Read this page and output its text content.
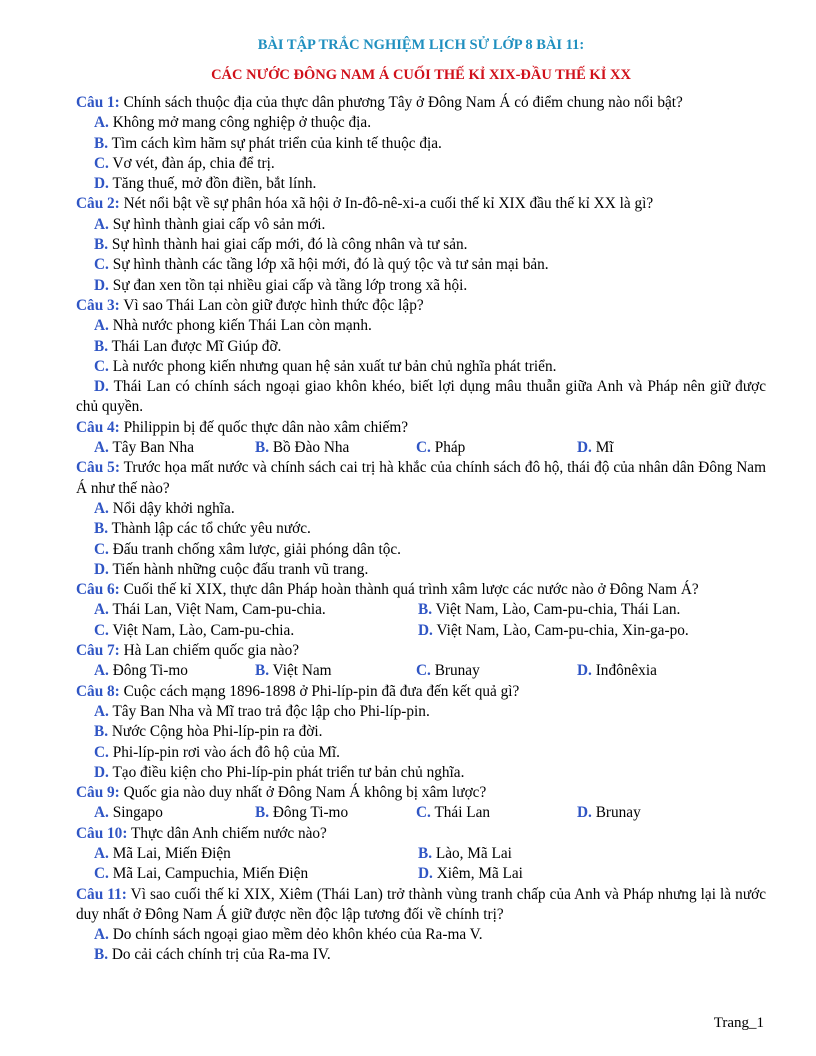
BÀI TẬP TRẮC NGHIỆM LỊCH SỬ LỚP 8 BÀI 11:
CÁC NƯỚC ĐÔNG NAM Á CUỐI THẾ KỈ XIX-ĐẦU THẾ KỈ XX
Câu 1: Chính sách thuộc địa của thực dân phương Tây ở Đông Nam Á có điểm chung nào nổi bật?
A. Không mở mang công nghiệp ở thuộc địa.
B. Tìm cách kìm hãm sự phát triển của kinh tế thuộc địa.
C. Vơ vét, đàn áp, chia để trị.
D. Tăng thuế, mở đồn điền, bắt lính.
Câu 2: Nét nổi bật về sự phân hóa xã hội ở In-đô-nê-xi-a cuối thế kỉ XIX đầu thế kỉ XX là gì?
A. Sự hình thành giai cấp vô sản mới.
B. Sự hình thành hai giai cấp mới, đó là công nhân và tư sản.
C. Sự hình thành các tầng lớp xã hội mới, đó là quý tộc và tư sản mại bản.
D. Sự đan xen tồn tại nhiều giai cấp và tầng lớp trong xã hội.
Câu 3: Vì sao Thái Lan còn giữ được hình thức độc lập?
A. Nhà nước phong kiến Thái Lan còn mạnh.
B. Thái Lan được Mĩ Giúp đỡ.
C. Là nước phong kiến nhưng quan hệ sản xuất tư bản chủ nghĩa phát triển.
D. Thái Lan có chính sách ngoại giao khôn khéo, biết lợi dụng mâu thuẫn giữa Anh và Pháp nên giữ được chủ quyền.
Câu 4: Philippin bị đế quốc thực dân nào xâm chiếm?
A. Tây Ban Nha	B. Bồ Đào Nha	C. Pháp	D. Mĩ
Câu 5: Trước họa mất nước và chính sách cai trị hà khắc của chính sách đô hộ, thái độ của nhân dân Đông Nam Á như thế nào?
A. Nổi dậy khởi nghĩa.
B. Thành lập các tổ chức yêu nước.
C. Đấu tranh chống xâm lược, giải phóng dân tộc.
D. Tiến hành những cuộc đấu tranh vũ trang.
Câu 6: Cuối thế kỉ XIX, thực dân Pháp hoàn thành quá trình xâm lược các nước nào ở Đông Nam Á?
A. Thái Lan, Việt Nam, Cam-pu-chia.	B. Việt Nam, Lào, Cam-pu-chia, Thái Lan.
C. Việt Nam, Lào, Cam-pu-chia.	D. Việt Nam, Lào, Cam-pu-chia, Xin-ga-po.
Câu 7: Hà Lan chiếm quốc gia nào?
A. Đông Ti-mo	B. Việt Nam	C. Brunay	D. Inđônêxia
Câu 8: Cuộc cách mạng 1896-1898 ở Phi-líp-pin đã đưa đến kết quả gì?
A. Tây Ban Nha và Mĩ trao trả độc lập cho Phi-líp-pin.
B. Nước Cộng hòa Phi-líp-pin ra đời.
C. Phi-líp-pin rơi vào ách đô hộ của Mĩ.
D. Tạo điều kiện cho Phi-líp-pin phát triển tư bản chủ nghĩa.
Câu 9: Quốc gia nào duy nhất ở Đông Nam Á không bị xâm lược?
A. Singapo	B. Đông Ti-mo	C. Thái Lan	D. Brunay
Câu 10: Thực dân Anh chiếm nước nào?
A. Mã Lai, Miến Điện	B. Lào, Mã Lai
C. Mã Lai, Campuchia, Miến Điện	D. Xiêm, Mã Lai
Câu 11: Vì sao cuối thế kỉ XIX, Xiêm (Thái Lan) trở thành vùng tranh chấp của Anh và Pháp nhưng lại là nước duy nhất ở Đông Nam Á giữ được nền độc lập tương đối về chính trị?
A. Do chính sách ngoại giao mềm dẻo khôn khéo của Ra-ma V.
B. Do cải cách chính trị của Ra-ma IV.
Trang_1
